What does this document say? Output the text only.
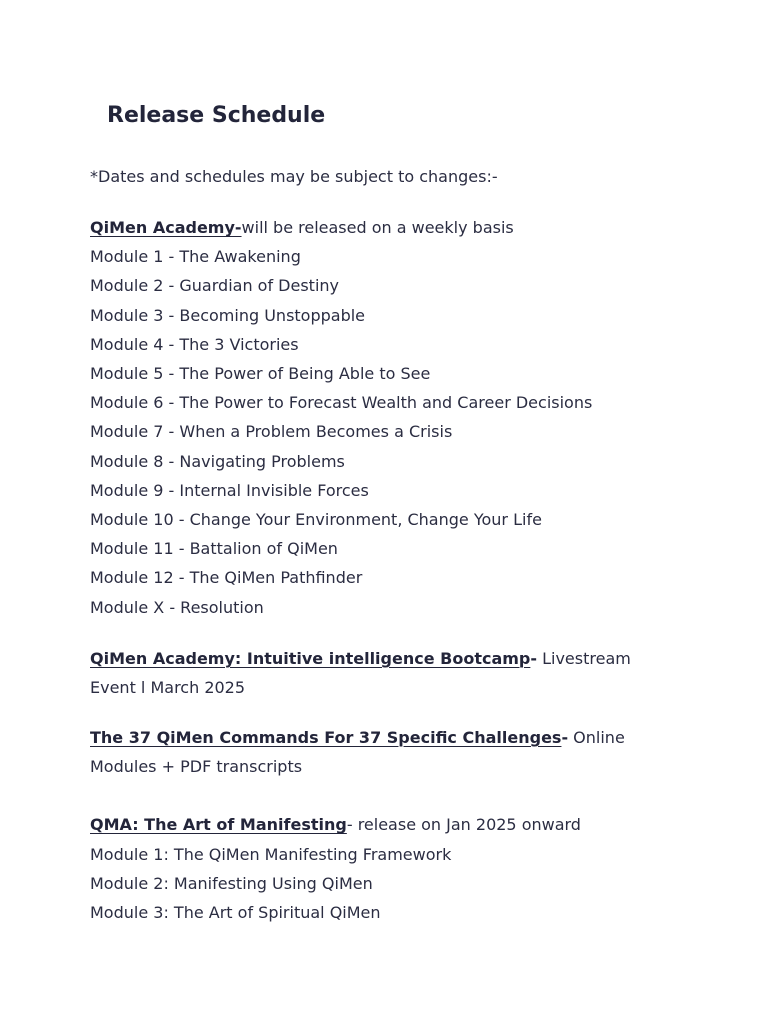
Release Schedule

*Dates and schedules may be subject to changes:-

QiMen Academy-will be released on a weekly basis

Module 1 - The Awakening

Module 2 - Guardian of Destiny

Module 3 - Becoming Unstoppable

Module 4 - The 3 Victories

Module 5 - The Power of Being Able to See

Module 6 - The Power to Forecast Wealth and Career Decisions

Module 7 - When a Problem Becomes a Crisis

Module 8 - Navigating Problems

Module 9 - Internal Invisible Forces

Module 10 - Change Your Environment, Change Your Life

Module 11 - Battalion of QiMen

Module 12 - The QiMen Pathfinder

Module X - Resolution

QiMen Academy: Intuitive intelligence Bootcamp- Livestream Event l March 2025

The 37 QiMen Commands For 37 Specific Challenges- Online Modules + PDF transcripts

QMA: The Art of Manifesting- release on Jan 2025 onward

Module 1: The QiMen Manifesting Framework

Module 2: Manifesting Using QiMen

Module 3: The Art of Spiritual QiMen
